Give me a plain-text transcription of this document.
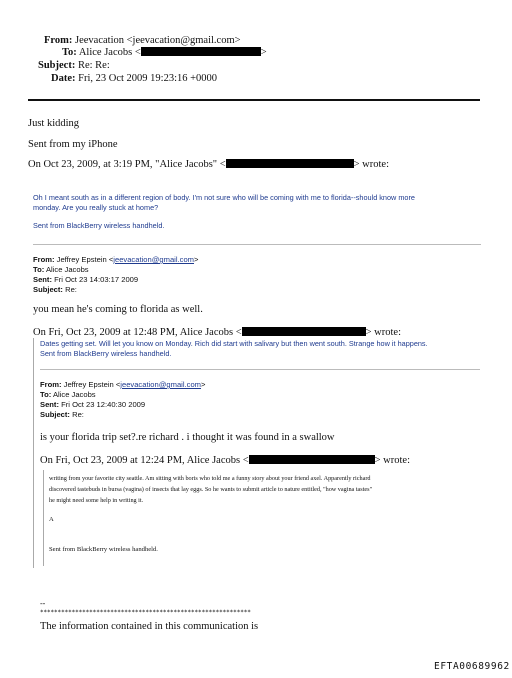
From: Jeevacation <jeevacation@gmail.com>
To: Alice Jacobs <	>
Subject: Re: Re:
Date: Fri, 23 Oct 2009 19:23:16 +0000
Just kidding
Sent from my iPhone
On Oct 23, 2009, at 3:19 PM, "Alice Jacobs" <	> wrote:
Oh I meant south as in a different region of body. I'm not sure who will be coming with me to florida--should know more
monday. Are you really stuck at home?
Sent from BlackBerry wireless handheld.
From: Jeffrey Epstein <jeevacation@gmail.com>
To: Alice Jacobs
Sent: Fri Oct 23 14:03:17 2009
Subject: Re:
you mean he's coming to florida as well.
On Fri, Oct 23, 2009 at 12:48 PM, Alice Jacobs <	> wrote:
Dates getting set. Will let you know on Monday. Rich did start with salivary but then went south. Strange how it happens.
Sent from BlackBerry wireless handheld.
From: Jeffrey Epstein <jeevacation@gmail.com>
To: Alice Jacobs
Sent: Fri Oct 23 12:40:30 2009
Subject: Re:
is your florida trip set?.re richard . i thought it was found in a swallow
On Fri, Oct 23, 2009 at 12:24 PM, Alice Jacobs <	> wrote:
writing from your favorite city seattle. Am sitting with boris who told me a funny story about your friend axel. Apparently richard
discovered tastebuds in bursa (vagina) of insects that lay eggs. So he wants to submit article to nature entitled, "how vagina tastes"
he might need some help in writing it.
A
Sent from BlackBerry wireless handheld.
--
************************************************************
The information contained in this communication is
EFTA00689962
